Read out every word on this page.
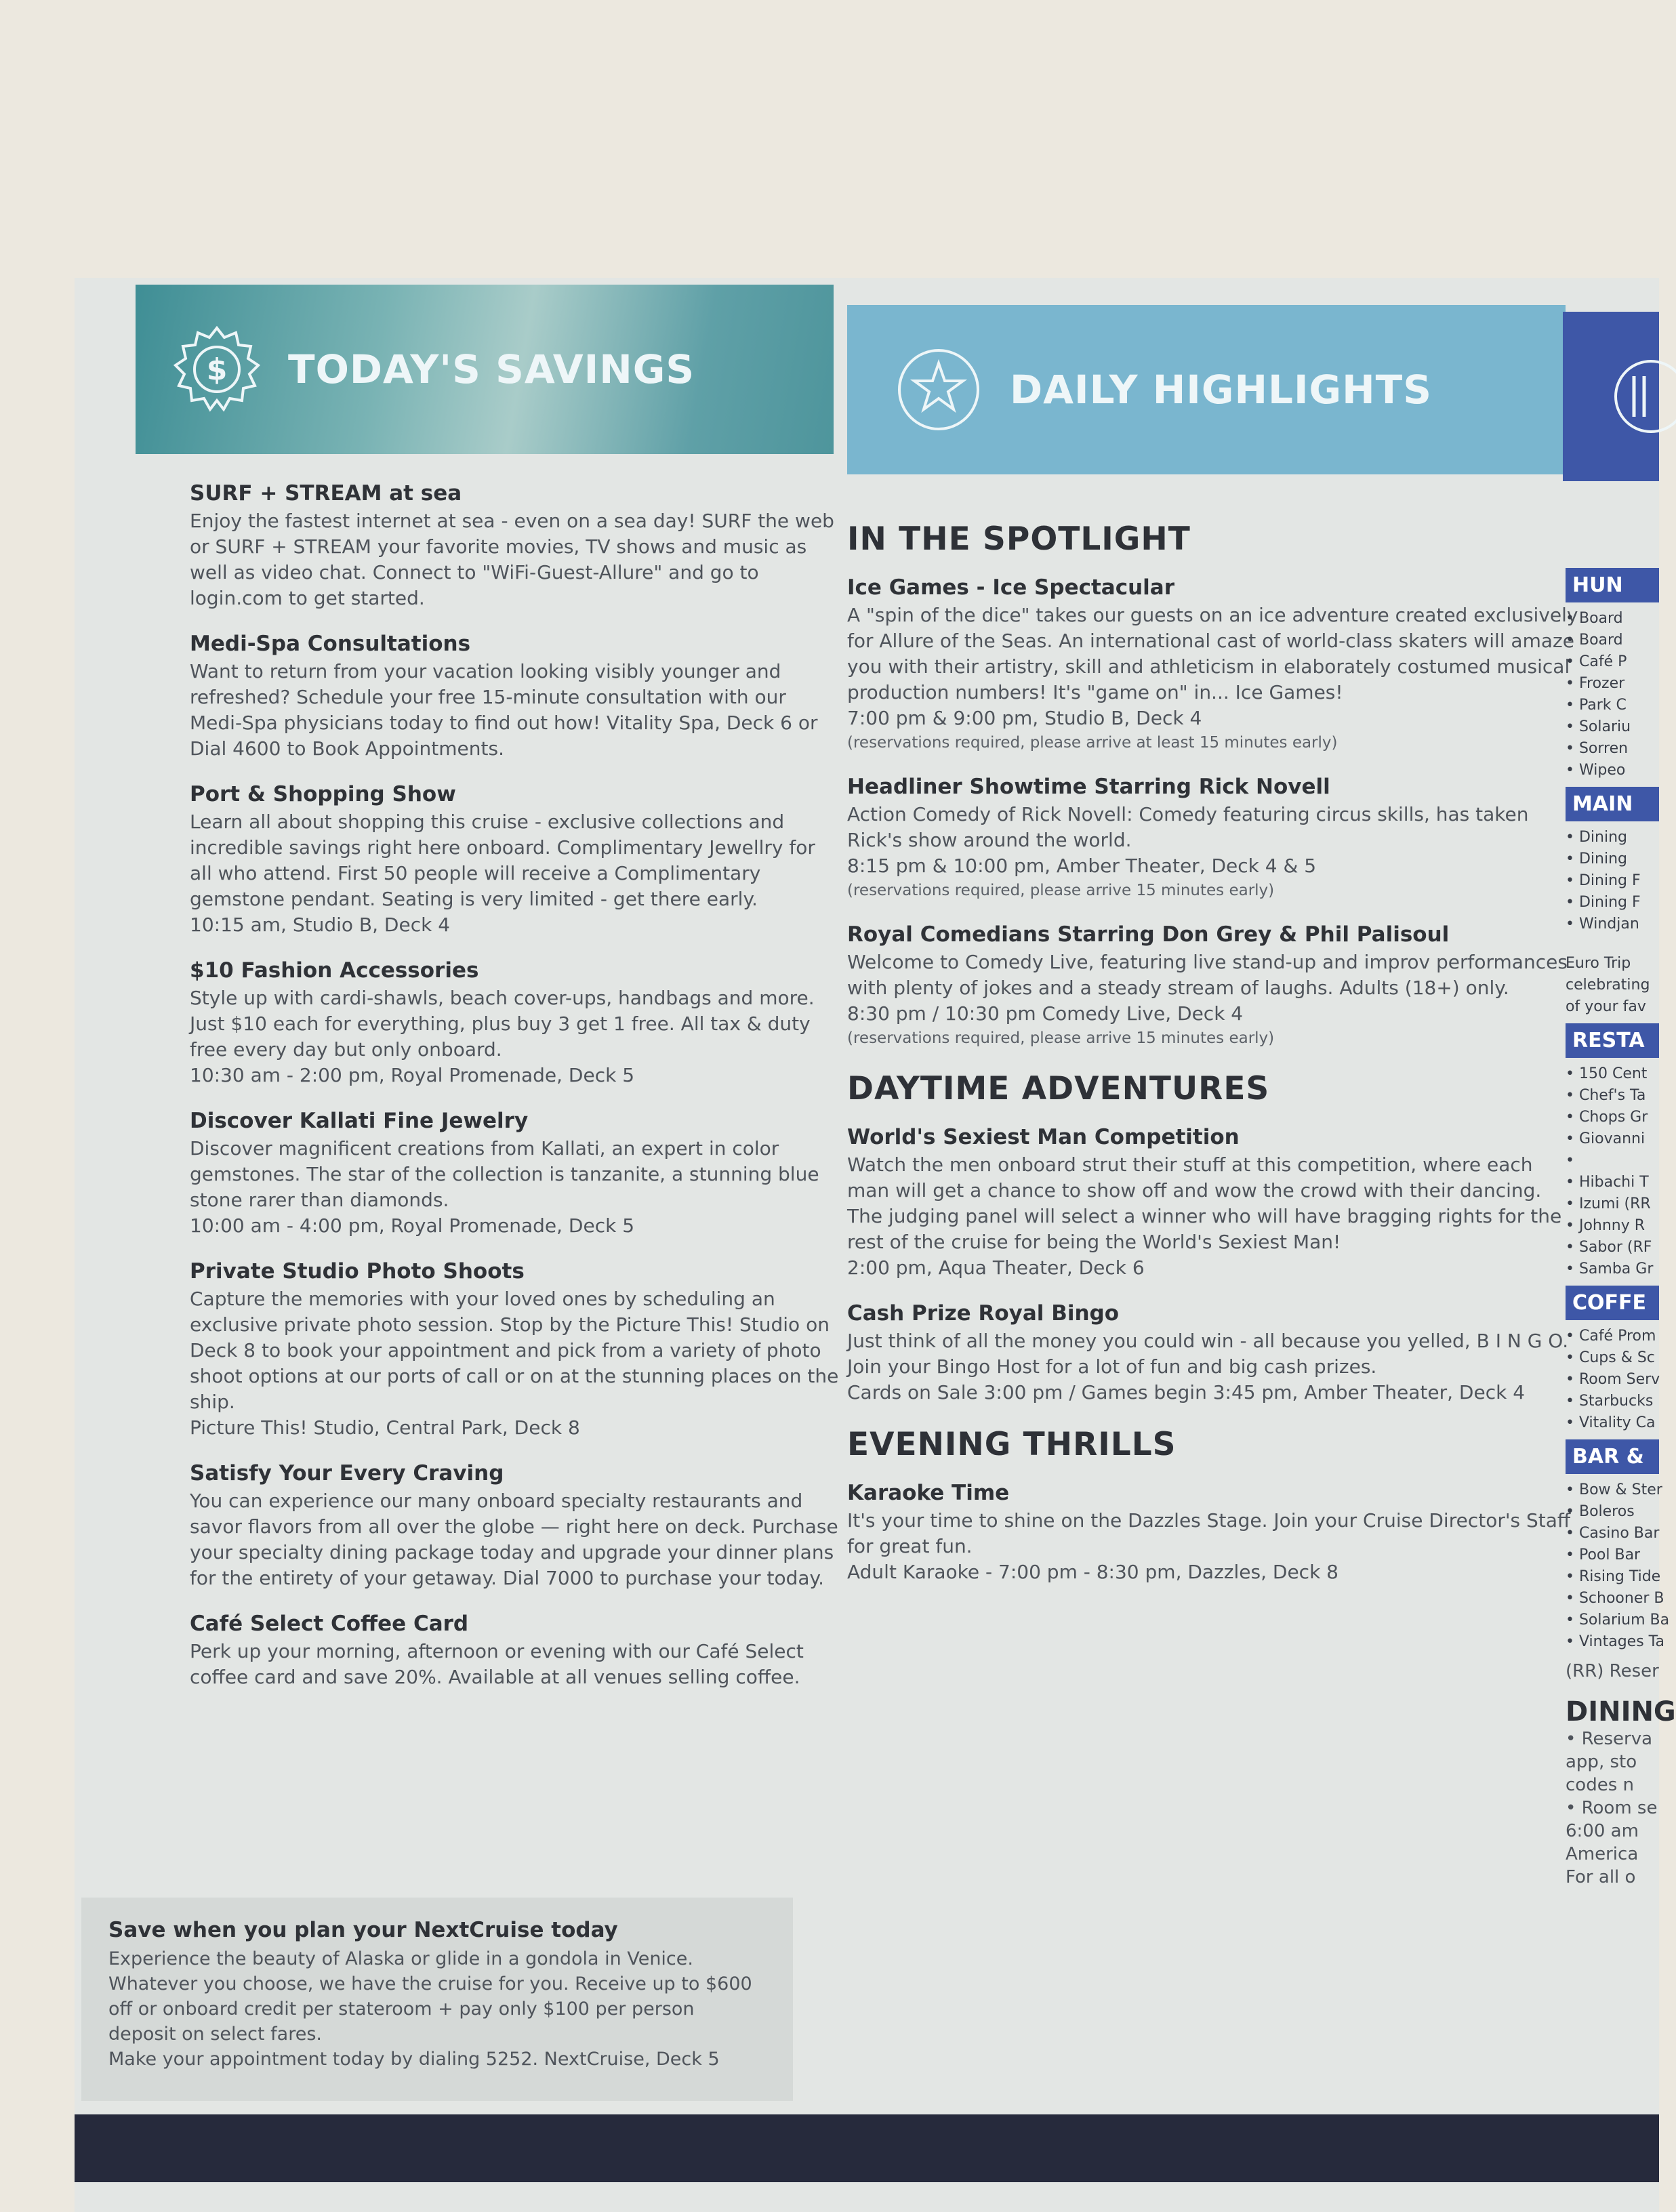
$ TODAY'S SAVINGS	DAILY HIGHLIGHTS
SURF + STREAM at sea

Enjoy the fastest internet at sea - even on a sea day! SURF the web or SURF + STREAM your favorite movies, TV shows and music as well as video chat. Connect to "WiFi-Guest-Allure" and go to login.com to get started.

Medi-Spa Consultations

Want to return from your vacation looking visibly younger and refreshed? Schedule your free 15-minute consultation with our Medi-Spa physicians today to find out how! Vitality Spa, Deck 6 or Dial 4600 to Book Appointments.

Port & Shopping Show

Learn all about shopping this cruise - exclusive collections and incredible savings right here onboard. Complimentary Jewellry for all who attend. First 50 people will receive a Complimentary gemstone pendant. Seating is very limited - get there early.

10:15 am, Studio B, Deck 4

$10 Fashion Accessories

Style up with cardi-shawls, beach cover-ups, handbags and more. Just $10 each for everything, plus buy 3 get 1 free. All tax & duty free every day but only onboard.

10:30 am - 2:00 pm, Royal Promenade, Deck 5

Discover Kallati Fine Jewelry

Discover magnificent creations from Kallati, an expert in color gemstones. The star of the collection is tanzanite, a stunning blue stone rarer than diamonds.

10:00 am - 4:00 pm, Royal Promenade, Deck 5

Private Studio Photo Shoots

Capture the memories with your loved ones by scheduling an exclusive private photo session. Stop by the Picture This! Studio on Deck 8 to book your appointment and pick from a variety of photo shoot options at our ports of call or on at the stunning places on the ship.

Picture This! Studio, Central Park, Deck 8

Satisfy Your Every Craving

You can experience our many onboard specialty restaurants and savor flavors from all over the globe — right here on deck. Purchase your specialty dining package today and upgrade your dinner plans for the entirety of your getaway. Dial 7000 to purchase your today.

Café Select Coffee Card

Perk up your morning, afternoon or evening with our Café Select coffee card and save 20%. Available at all venues selling coffee.

Save when you plan your NextCruise today

Experience the beauty of Alaska or glide in a gondola in Venice. Whatever you choose, we have the cruise for you. Receive up to $600 off or onboard credit per stateroom + pay only $100 per person deposit on select fares.

Make your appointment today by dialing 5252. NextCruise, Deck 5

IN THE SPOTLIGHT
Ice Games - Ice Spectacular

A "spin of the dice" takes our guests on an ice adventure created exclusively for Allure of the Seas. An international cast of world-class skaters will amaze you with their artistry, skill and athleticism in elaborately costumed musical production numbers! It's "game on" in... Ice Games!

7:00 pm & 9:00 pm, Studio B, Deck 4

(reservations required, please arrive at least 15 minutes early)

Headliner Showtime Starring Rick Novell

Action Comedy of Rick Novell: Comedy featuring circus skills, has taken Rick's show around the world.

8:15 pm & 10:00 pm, Amber Theater, Deck 4 & 5

(reservations required, please arrive 15 minutes early)

Royal Comedians Starring Don Grey & Phil Palisoul

Welcome to Comedy Live, featuring live stand-up and improv performances with plenty of jokes and a steady stream of laughs. Adults (18+) only.

8:30 pm / 10:30 pm Comedy Live, Deck 4

(reservations required, please arrive 15 minutes early)

DAYTIME ADVENTURES
World's Sexiest Man Competition

Watch the men onboard strut their stuff at this competition, where each man will get a chance to show off and wow the crowd with their dancing. The judging panel will select a winner who will have bragging rights for the rest of the cruise for being the World's Sexiest Man!

2:00 pm, Aqua Theater, Deck 6

Cash Prize Royal Bingo

Just think of all the money you could win - all because you yelled, B I N G O. Join your Bingo Host for a lot of fun and big cash prizes.

Cards on Sale 3:00 pm / Games begin 3:45 pm, Amber Theater, Deck 4

EVENING THRILLS
Karaoke Time

It's your time to shine on the Dazzles Stage. Join your Cruise Director's Staff for great fun.

Adult Karaoke - 7:00 pm - 8:30 pm, Dazzles, Deck 8

HUN
• Board
• Board
• Café P
• Frozer
• Park C
• Solariu
• Sorren
• Wipeo
MAIN
• Dining
• Dining
• Dining F
• Dining F
• Windjan
Euro Trip
celebrating
of your fav
RESTA
• 150 Cent
• Chef's Ta
• Chops Gr
• Giovanni
•
• Hibachi T
• Izumi (RR
• Johnny R
• Sabor (RF
• Samba Gr
COFFE
• Café Prom
• Cups & Sc
• Room Serv
• Starbucks
• Vitality Ca
BAR &
• Bow & Ster
• Boleros
• Casino Bar
• Pool Bar
• Rising Tide
• Schooner B
• Solarium Ba
• Vintages Ta
(RR) Reser
DINING
• Reserva
app, sto
codes n
• Room se
6:00 am
America
For all o
